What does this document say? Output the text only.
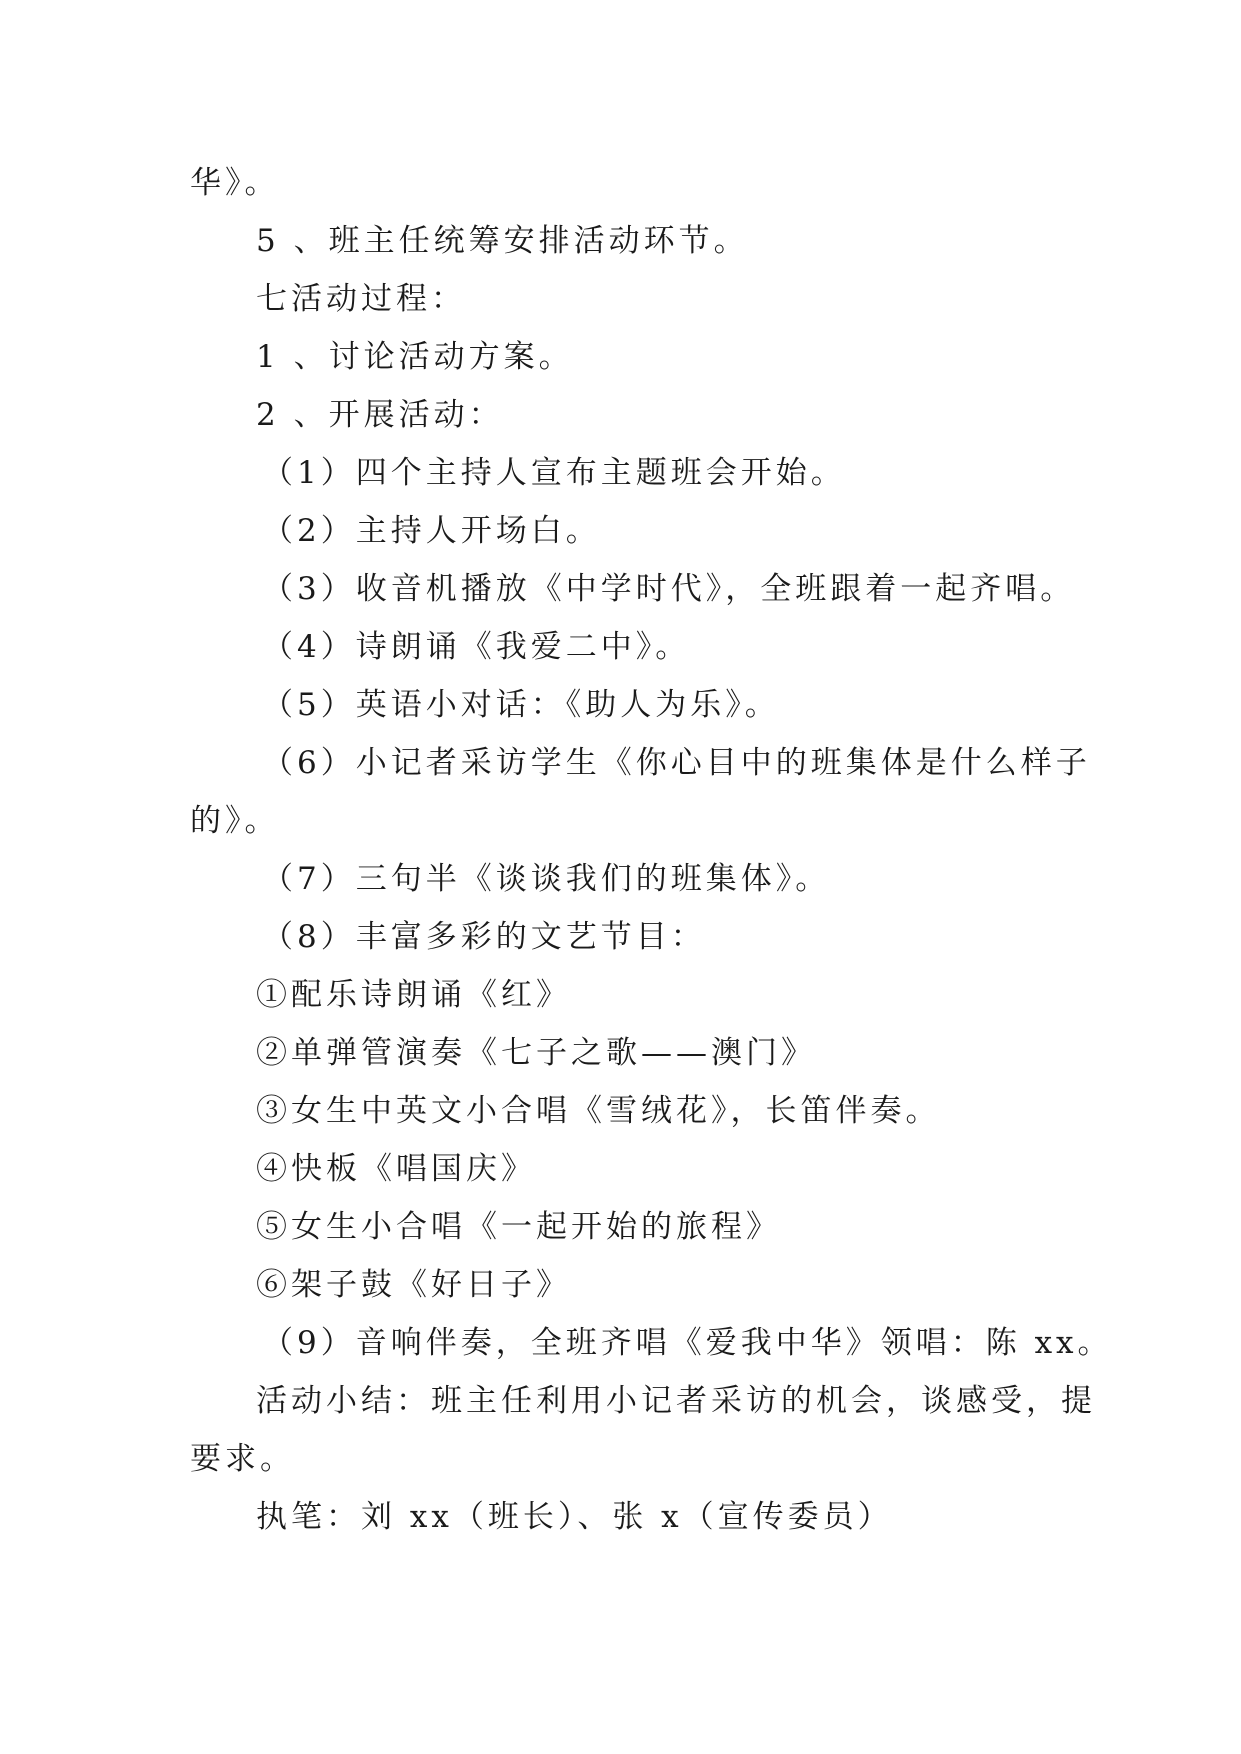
华》。
5 、班主任统筹安排活动环节。
七活动过程：
1 、讨论活动方案。
2 、开展活动：
（1）四个主持人宣布主题班会开始。
（2）主持人开场白。
（3）收音机播放《中学时代》，全班跟着一起齐唱。
（4）诗朗诵《我爱二中》。
（5）英语小对话：《助人为乐》。
（6）小记者采访学生《你心目中的班集体是什么样子
的》。
（7）三句半《谈谈我们的班集体》。
（8）丰富多彩的文艺节目：
①配乐诗朗诵《红》
②单弹管演奏《七子之歌——澳门》
③女生中英文小合唱《雪绒花》，长笛伴奏。
④快板《唱国庆》
⑤女生小合唱《一起开始的旅程》
⑥架子鼓《好日子》
（9）音响伴奏，全班齐唱《爱我中华》领唱：陈 xx。
活动小结：班主任利用小记者采访的机会，谈感受，提
要求。
执笔：刘 xx（班长）、张 x（宣传委员）
